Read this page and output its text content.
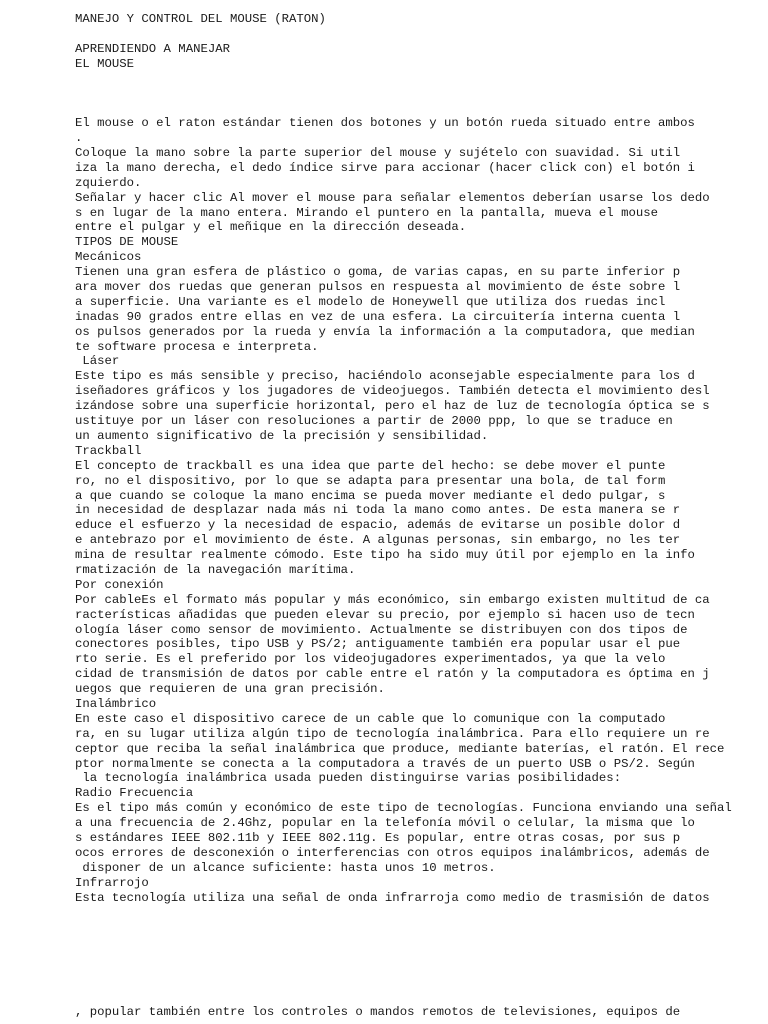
MANEJO Y CONTROL DEL MOUSE (RATON)
APRENDIENDO A MANEJAR
EL MOUSE
El mouse o el raton estándar tienen dos botones y un botón rueda situado entre ambos
.
Coloque la mano sobre la parte superior del mouse y sujételo con suavidad. Si util
iza la mano derecha, el dedo índice sirve para accionar (hacer click con) el botón i
zquierdo.
Señalar y hacer clic Al mover el mouse para señalar elementos deberían usarse los dedo
s en lugar de la mano entera. Mirando el puntero en la pantalla, mueva el mouse
entre el pulgar y el meñique en la dirección deseada.
TIPOS DE MOUSE
Mecánicos
Tienen una gran esfera de plástico o goma, de varias capas, en su parte inferior p
ara mover dos ruedas que generan pulsos en respuesta al movimiento de éste sobre l
a superficie. Una variante es el modelo de Honeywell que utiliza dos ruedas incl
inadas 90 grados entre ellas en vez de una esfera. La circuitería interna cuenta l
os pulsos generados por la rueda y envía la información a la computadora, que median
te software procesa e interpreta.
Láser
Este tipo es más sensible y preciso, haciéndolo aconsejable especialmente para los d
iseñadores gráficos y los jugadores de videojuegos. También detecta el movimiento desl
izándose sobre una superficie horizontal, pero el haz de luz de tecnología óptica se s
ustituye por un láser con resoluciones a partir de 2000 ppp, lo que se traduce en
un aumento significativo de la precisión y sensibilidad.
Trackball
El concepto de trackball es una idea que parte del hecho: se debe mover el punte
ro, no el dispositivo, por lo que se adapta para presentar una bola, de tal form
a que cuando se coloque la mano encima se pueda mover mediante el dedo pulgar, s
in necesidad de desplazar nada más ni toda la mano como antes. De esta manera se r
educe el esfuerzo y la necesidad de espacio, además de evitarse un posible dolor d
e antebrazo por el movimiento de éste. A algunas personas, sin embargo, no les ter
mina de resultar realmente cómodo. Este tipo ha sido muy útil por ejemplo en la info
rmatización de la navegación marítima.
Por conexión
Por cableEs el formato más popular y más económico, sin embargo existen multitud de ca
racterísticas añadidas que pueden elevar su precio, por ejemplo si hacen uso de tecn
ología láser como sensor de movimiento. Actualmente se distribuyen con dos tipos de
conectores posibles, tipo USB y PS/2; antiguamente también era popular usar el pue
rto serie. Es el preferido por los videojugadores experimentados, ya que la velo
cidad de transmisión de datos por cable entre el ratón y la computadora es óptima en j
uegos que requieren de una gran precisión.
Inalámbrico
En este caso el dispositivo carece de un cable que lo comunique con la computado
ra, en su lugar utiliza algún tipo de tecnología inalámbrica. Para ello requiere un re
ceptor que reciba la señal inalámbrica que produce, mediante baterías, el ratón. El rece
ptor normalmente se conecta a la computadora a través de un puerto USB o PS/2. Según
la tecnología inalámbrica usada pueden distinguirse varias posibilidades:
Radio Frecuencia
Es el tipo más común y económico de este tipo de tecnologías. Funciona enviando una señal
a una frecuencia de 2.4Ghz, popular en la telefonía móvil o celular, la misma que lo
s estándares IEEE 802.11b y IEEE 802.11g. Es popular, entre otras cosas, por sus p
ocos errores de desconexión o interferencias con otros equipos inalámbricos, además de
disponer de un alcance suficiente: hasta unos 10 metros.
Infrarrojo
Esta tecnología utiliza una señal de onda infrarroja como medio de trasmisión de datos
, popular también entre los controles o mandos remotos de televisiones, equipos de
